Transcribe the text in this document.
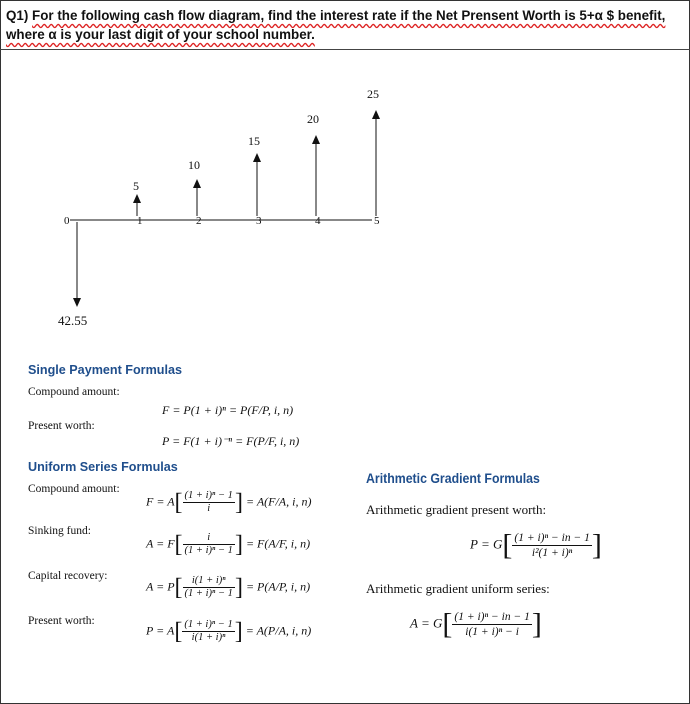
Q1) For the following cash flow diagram, find the interest rate if the Net Prensent Worth is 5+α $ benefit,
where α is your last digit of your school number.
0	1	2	3	4	5
42.55
5
10
15
20
25
Single Payment Formulas
Compound amount:
F = P(1 + i)ⁿ = P(F/P, i, n)
Present worth:
P = F(1 + i)⁻ⁿ = F(P/F, i, n)
Uniform Series Formulas
Compound amount:
$F = A[ \frac{\text{(1 + i)ⁿ − 1}}{i}$ ] = A(F/A, i, n)
Sinking fund:
$A = F[ \frac{i}{\text{(1 + i)ⁿ − 1}}$ ] = F(A/F, i, n)
Capital recovery:
$A = P[ \frac{\text{i(1 + i)ⁿ}}{\text{(1 + i)ⁿ − 1}}$ ] = P(A/P, i, n)
Present worth:
$P = A[ \frac{\text{(1 + i)ⁿ − 1}}{\text{i(1 + i)ⁿ}}$ ] = A(P/A, i, n)
Arithmetic Gradient Formulas
Arithmetic gradient present worth:
$P = G[ \frac{\text{(1 + i)ⁿ − in − 1}}{\text{i²(1 + i)ⁿ}}$ ]
Arithmetic gradient uniform series:
$A = G[ \frac{\text{(1 + i)ⁿ − in − 1}}{\text{i(1 + i)ⁿ − i}}$ ]
